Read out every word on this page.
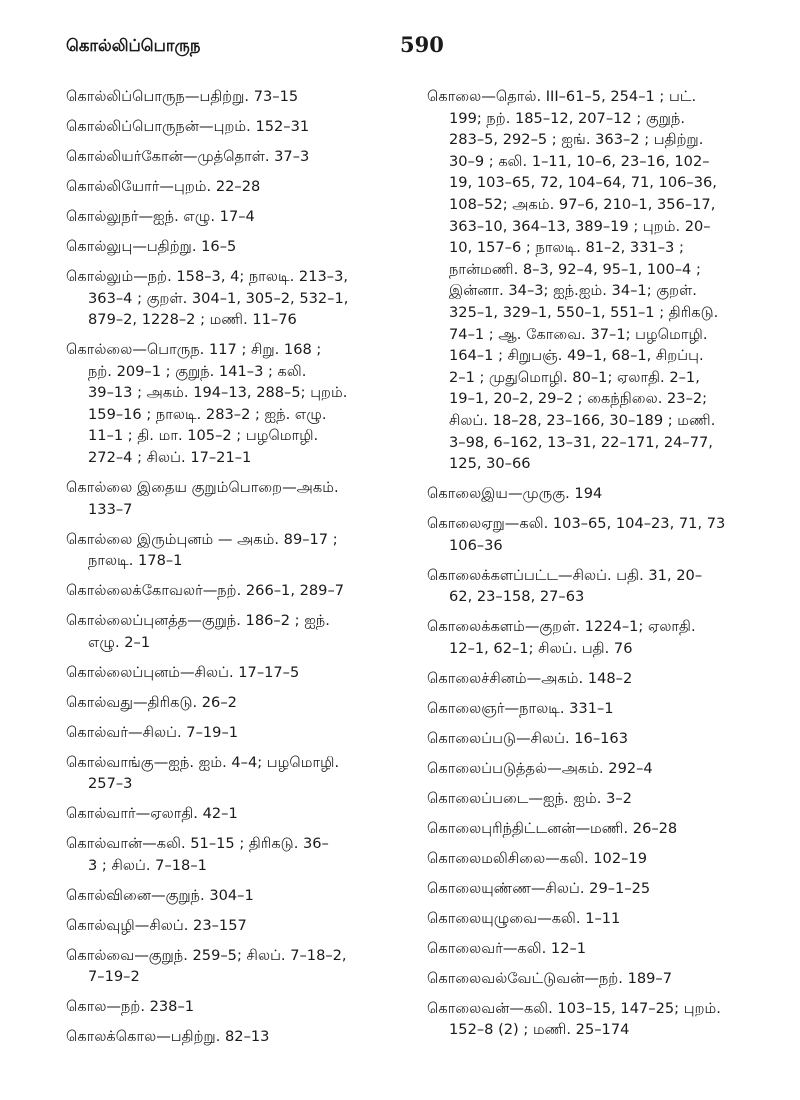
கொல்லிப்பொருந	590
கொல்லிப்பொருந—பதிற்று. 73–15
கொல்லிப்பொருநன்—புறம். 152–31
கொல்லியர்கோன்—முத்தொள். 37–3
கொல்லியோர்—புறம். 22–28
கொல்லுநர்—ஐந். எழு. 17–4
கொல்லுபு—பதிற்று. 16–5
கொல்லும்—நற். 158–3, 4; நாலடி. 213–3,
363–4 ; குறள். 304–1, 305–2, 532–1,
879–2, 1228–2 ; மணி. 11–76
கொல்லை—பொருந. 117 ; சிறு. 168 ;
நற். 209–1 ; குறுந். 141–3 ; கலி.
39–13 ; அகம். 194–13, 288–5; புறம்.
159–16 ; நாலடி. 283–2 ; ஐந். எழு.
11–1 ; தி. மா. 105–2 ; பழமொழி.
272–4 ; சிலப். 17–21–1
கொல்லை இதைய குறும்பொறை—அகம்.
133–7
கொல்லை இரும்புனம் — அகம். 89–17 ;
நாலடி. 178–1
கொல்லைக்கோவலர்—நற். 266–1, 289–7
கொல்லைப்புனத்த—குறுந். 186–2 ; ஐந்.
எழு. 2–1
கொல்லைப்புனம்—சிலப். 17–17–5
கொல்வது—திரிகடு. 26–2
கொல்வர்—சிலப். 7–19–1
கொல்வாங்கு—ஐந். ஐம். 4–4; பழமொழி.
257–3
கொல்வார்—ஏலாதி. 42–1
கொல்வான்—கலி. 51–15 ; திரிகடு. 36–
3 ; சிலப். 7–18–1
கொல்வினை—குறுந். 304–1
கொல்வுழி—சிலப். 23–157
கொல்வை—குறுந். 259–5; சிலப். 7–18–2,
7–19–2
கொல—நற். 238–1
கொலக்கொல—பதிற்று. 82–13
கொலை—தொல். III–61–5, 254–1 ; பட்.
199; நற். 185–12, 207–12 ; குறுந்.
283–5, 292–5 ; ஐங். 363–2 ; பதிற்று.
30–9 ; கலி. 1–11, 10–6, 23–16, 102–
19, 103–65, 72, 104–64, 71, 106–36,
108–52; அகம். 97–6, 210–1, 356–17,
363–10, 364–13, 389–19 ; புறம். 20–
10, 157–6 ; நாலடி. 81–2, 331–3 ;
நான்மணி. 8–3, 92–4, 95–1, 100–4 ;
இன்னா. 34–3; ஐந்.ஐம். 34–1; குறள்.
325–1, 329–1, 550–1, 551–1 ; திரிகடு.
74–1 ; ஆ. கோவை. 37–1; பழமொழி.
164–1 ; சிறுபஞ். 49–1, 68–1, சிறப்பு.
2–1 ; முதுமொழி. 80–1; ஏலாதி. 2–1,
19–1, 20–2, 29–2 ; கைந்நிலை. 23–2;
சிலப். 18–28, 23–166, 30–189 ; மணி.
3–98, 6–162, 13–31, 22–171, 24–77,
125, 30–66
கொலைஇய—முருகு. 194
கொலைஏறு—கலி. 103–65, 104–23, 71, 73
106–36
கொலைக்களப்பட்ட—சிலப். பதி. 31, 20–
62, 23–158, 27–63
கொலைக்களம்—குறள். 1224–1; ஏலாதி.
12–1, 62–1; சிலப். பதி. 76
கொலைச்சினம்—அகம். 148–2
கொலைஞர்—நாலடி. 331–1
கொலைப்படு—சிலப். 16–163
கொலைப்படுத்தல்—அகம். 292–4
கொலைப்படை—ஐந். ஐம். 3–2
கொலைபுரிந்திட்டனன்—மணி. 26–28
கொலைமலிசிலை—கலி. 102–19
கொலையுண்ண—சிலப். 29–1–25
கொலையுழுவை—கலி. 1–11
கொலைவர்—கலி. 12–1
கொலைவல்வேட்டுவன்—நற். 189–7
கொலைவன்—கலி. 103–15, 147–25; புறம்.
152–8 (2) ; மணி. 25–174
